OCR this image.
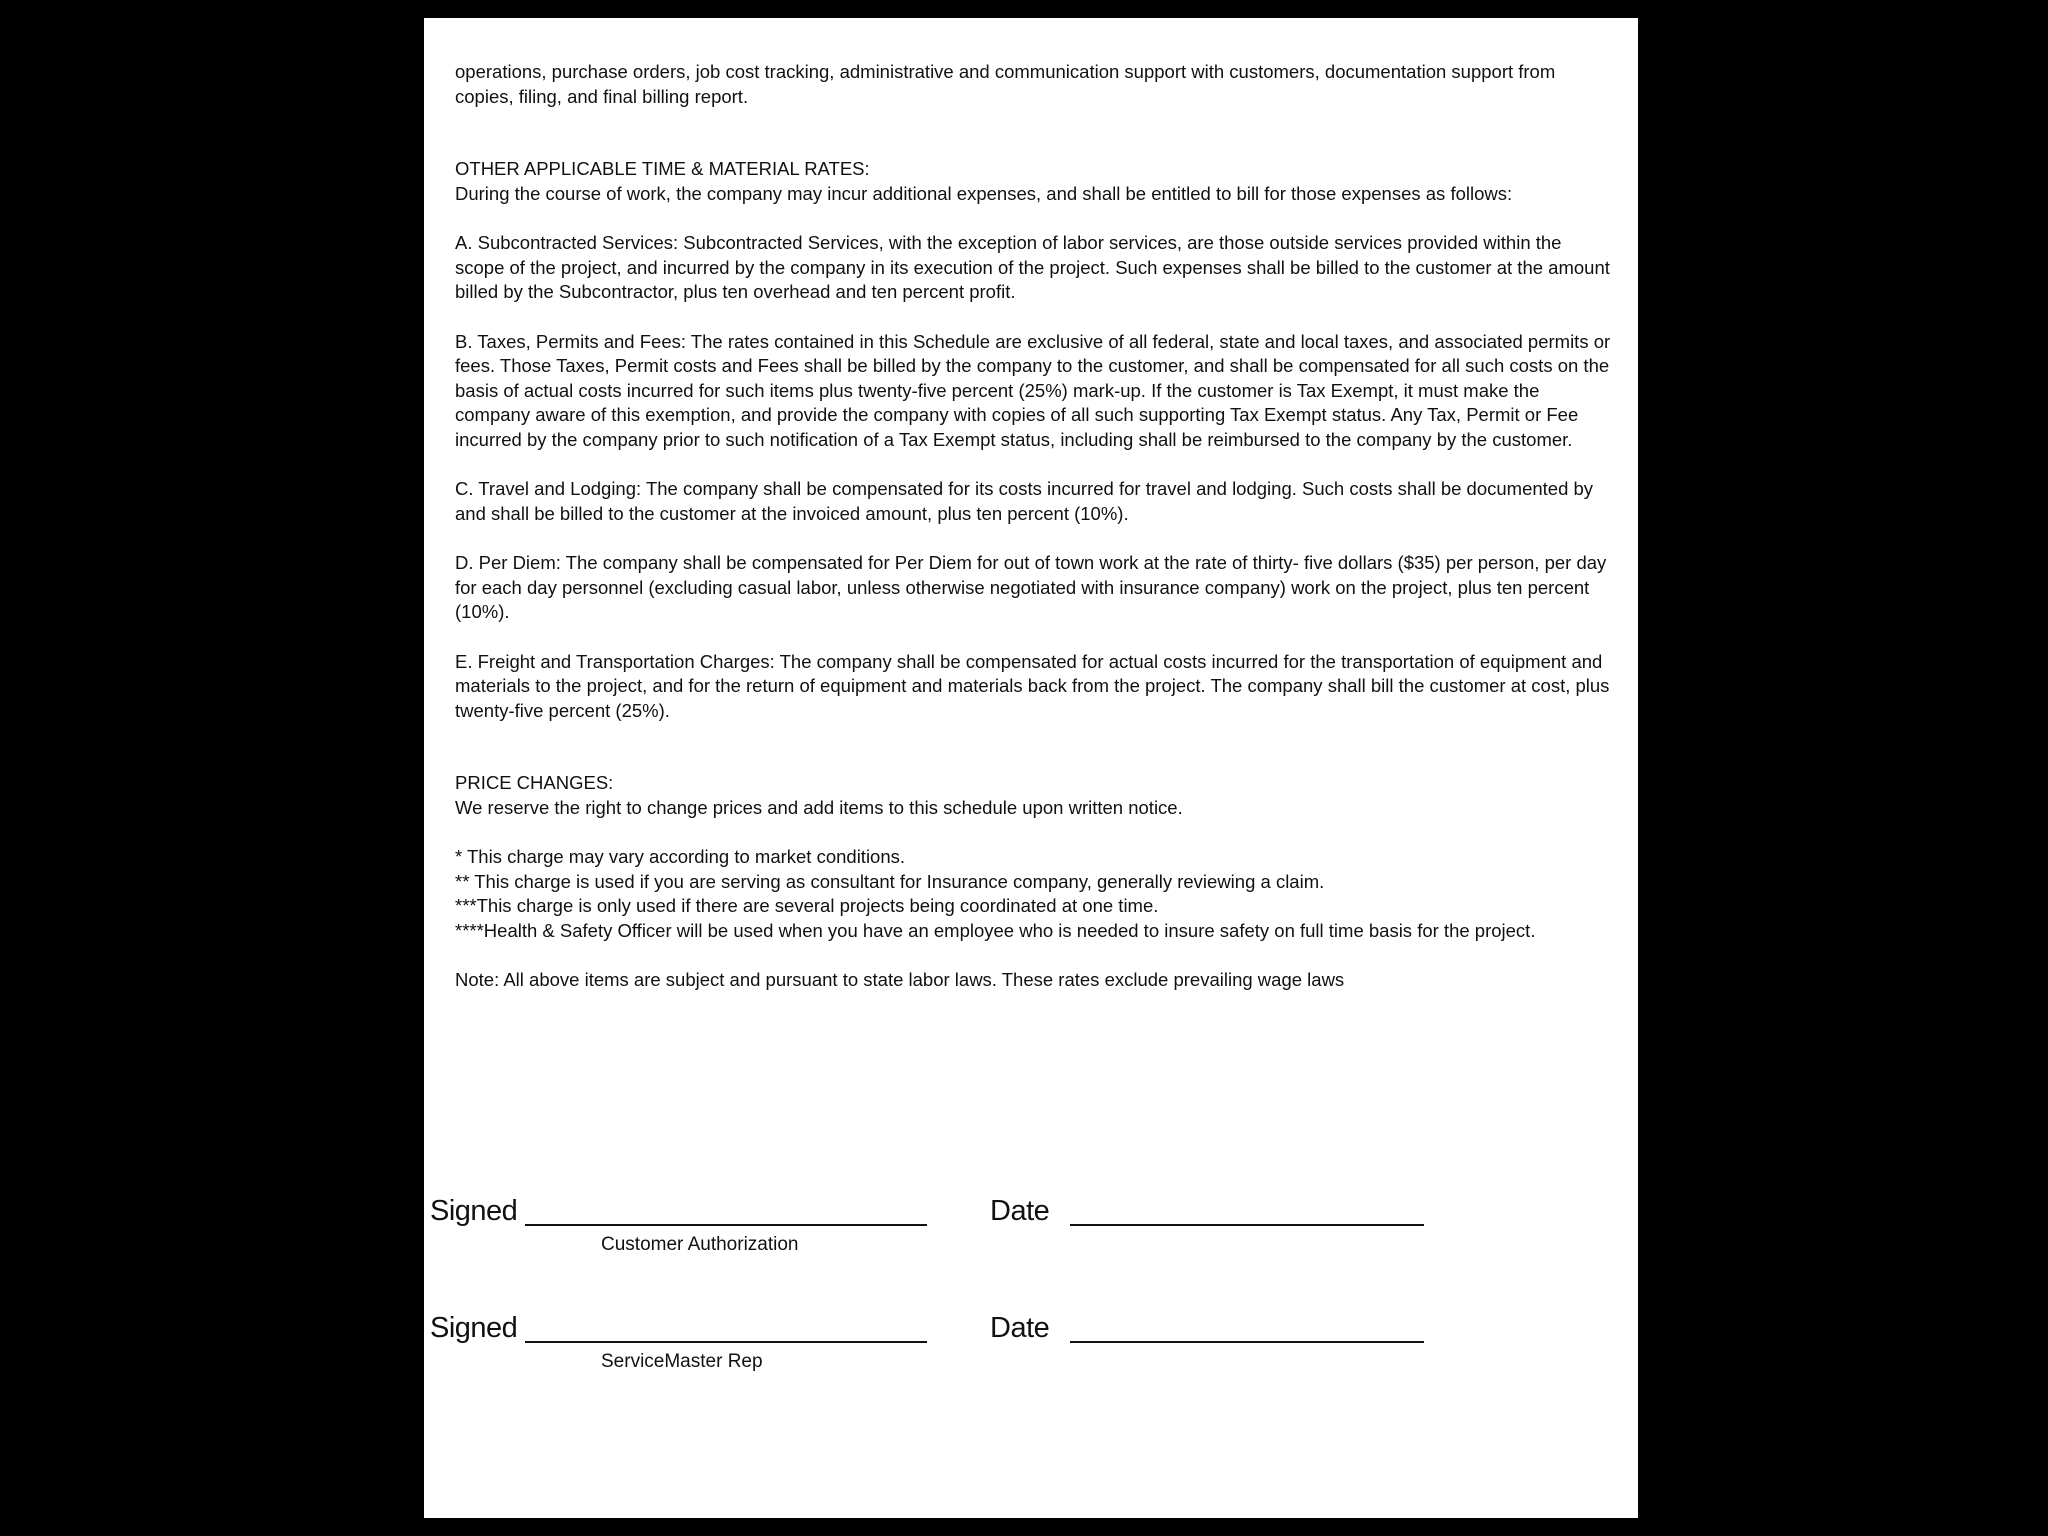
operations, purchase orders, job cost tracking, administrative and communication support with customers, documentation support from copies, filing, and final billing report.

OTHER APPLICABLE TIME & MATERIAL RATES:

During the course of work, the company may incur additional expenses, and shall be entitled to bill for those expenses as follows:

A. Subcontracted Services: Subcontracted Services, with the exception of labor services, are those outside services provided within the scope of the project, and incurred by the company in its execution of the project. Such expenses shall be billed to the customer at the amount billed by the Subcontractor, plus ten overhead and ten percent profit.

B. Taxes, Permits and Fees: The rates contained in this Schedule are exclusive of all federal, state and local taxes, and associated permits or fees. Those Taxes, Permit costs and Fees shall be billed by the company to the customer, and shall be compensated for all such costs on the basis of actual costs incurred for such items plus twenty-five percent (25%) mark-up. If the customer is Tax Exempt, it must make the company aware of this exemption, and provide the company with copies of all such supporting Tax Exempt status. Any Tax, Permit or Fee incurred by the company prior to such notification of a Tax Exempt status, including shall be reimbursed to the company by the customer.

C. Travel and Lodging: The company shall be compensated for its costs incurred for travel and lodging. Such costs shall be documented by and shall be billed to the customer at the invoiced amount, plus ten percent (10%).

D. Per Diem: The company shall be compensated for Per Diem for out of town work at the rate of thirty- five dollars ($35) per person, per day for each day personnel (excluding casual labor, unless otherwise negotiated with insurance company) work on the project, plus ten percent (10%).

E. Freight and Transportation Charges: The company shall be compensated for actual costs incurred for the transportation of equipment and materials to the project, and for the return of equipment and materials back from the project. The company shall bill the customer at cost, plus twenty-five percent (25%).

PRICE CHANGES:

We reserve the right to change prices and add items to this schedule upon written notice.

* This charge may vary according to market conditions.

** This charge is used if you are serving as consultant for Insurance company, generally reviewing a claim.

***This charge is only used if there are several projects being coordinated at one time.

****Health & Safety Officer will be used when you have an employee who is needed to insure safety on full time basis for the project.

Note: All above items are subject and pursuant to state labor laws. These rates exclude prevailing wage laws

Signed
Customer Authorization
Date
Signed
ServiceMaster Rep
Date
